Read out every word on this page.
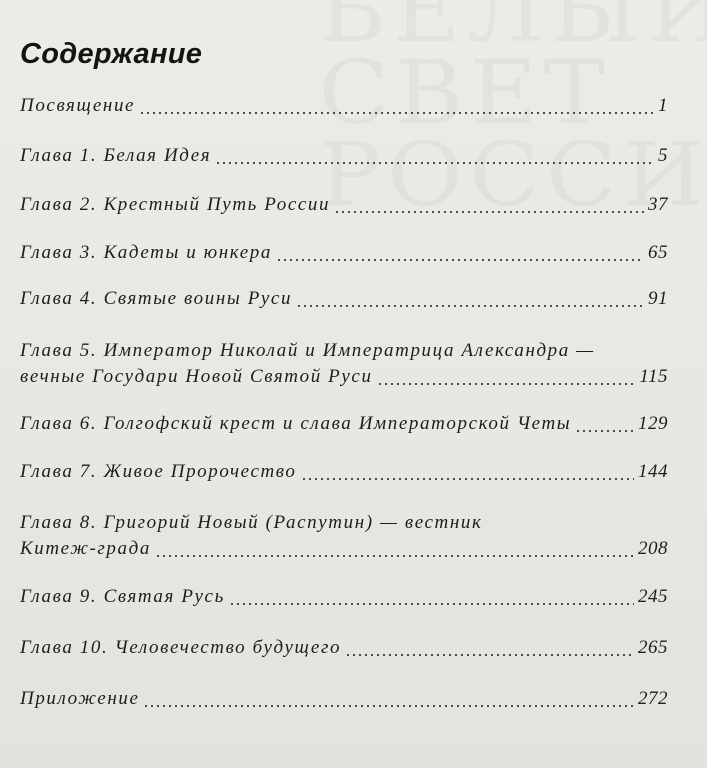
Содержание
Посвящение	1
Глава 1. Белая Идея	5
Глава 2. Крестный Путь России	37
Глава 3. Кадеты и юнкера	65
Глава 4. Святые воины Руси	91
Глава 5. Император Николай и Императрица Александра —
вечные Государи Новой Святой Руси	115
Глава 6. Голгофский крест и слава Императорской Четы	129
Глава 7. Живое Пророчество	144
Глава 8. Григорий Новый (Распутин) — вестник
Китеж-града	208
Глава 9. Святая Русь	245
Глава 10. Человечество будущего	265
Приложение	272
